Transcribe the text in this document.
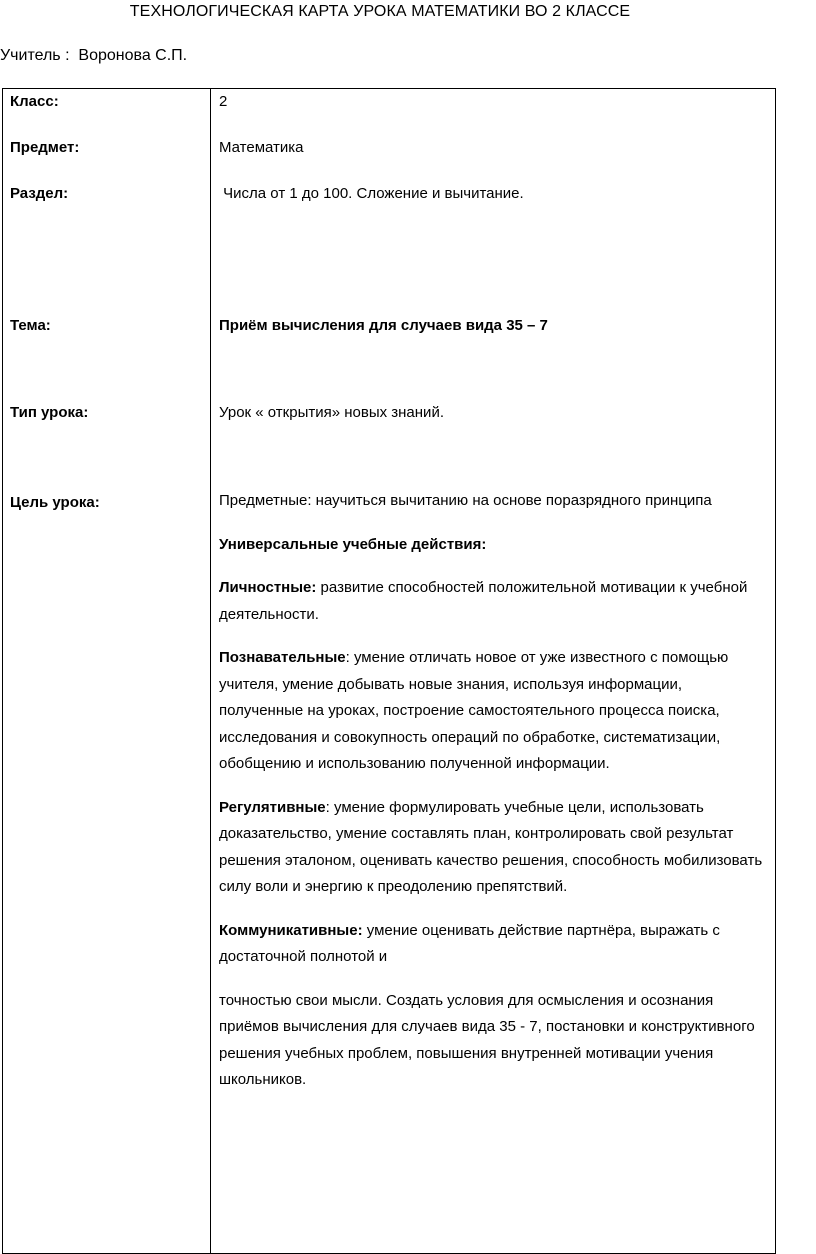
ТЕХНОЛОГИЧЕСКАЯ КАРТА УРОКА МАТЕМАТИКИ ВО 2 КЛАССЕ
Учитель : Воронова С.П.
Класс:	2
Предмет:	Математика
Раздел:	Числа от 1 до 100. Сложение и вычитание.
Тема:	Приём вычисления для случаев вида 35 – 7
Тип урока:	Урок « открытия» новых знаний.
Цель урока:	Предметные: научиться вычитанию на основе поразрядного принципа

Универсальные учебные действия:

Личностные: развитие способностей положительной мотивации к учебной деятельности.

Познавательные: умение отличать новое от уже известного с помощью учителя, умение добывать новые знания, используя информации, полученные на уроках, построение самостоятельного процесса поиска, исследования и совокупность операций по обработке, систематизации, обобщению и использованию полученной информации.

Регулятивные: умение формулировать учебные цели, использовать доказательство, умение составлять план, контролировать свой результат решения эталоном, оценивать качество решения, способность мобилизовать силу воли и энергию к преодолению препятствий.

Коммуникативные: умение оценивать действие партнёра, выражать с достаточной полнотой и

точностью свои мысли. Создать условия для осмысления и осознания приёмов вычисления для случаев вида 35 - 7, постановки и конструктивного решения учебных проблем, повышения внутренней мотивации учения школьников.
